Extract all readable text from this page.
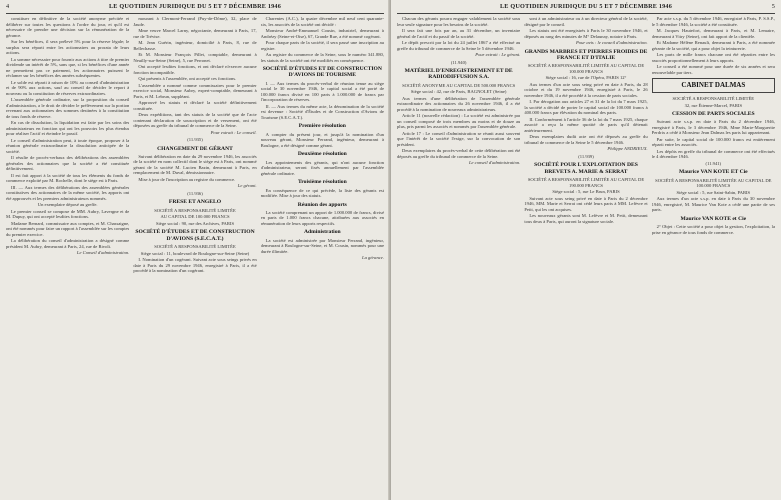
4	LE QUOTIDIEN JURIDIQUE DU 5 ET 7 DÉCEMBRE 1946
constituer en définitive de la société anonyme précitée et délibérer sur toutes les questions à l'ordre du jour, et qu'il est nécessaire de prendre une décision sur la rémunération de la gérance.
Sur les bénéfices, il sera prélevé 5% pour la réserve légale; le surplus sera réparti entre les actionnaires au prorata de leurs actions.
La somme nécessaire pour fournir aux actions à titre de premier dividende un intérêt de 5%, sans que, si les bénéfices d'une année ne permettent pas ce paiement, les actionnaires puissent le réclamer sur les bénéfices des années subséquentes.
Le solde est réparti à raison de 10% au conseil d'administration et de 90% aux actions, sauf au conseil de décider le report à nouveau ou la constitution de réserves extraordinaires.
L'assemblée générale ordinaire, sur la proposition du conseil d'administration, a le droit de décider le prélèvement sur la portion revenant aux actionnaires des sommes destinées à la constitution de tous fonds de réserve.
En cas de dissolution, la liquidation est faite par les soins des administrateurs en fonction qui ont les pouvoirs les plus étendus pour réaliser l'actif et éteindre le passif.
Le conseil d'administration peut, à toute époque, proposer à la réunion générale extraordinaire la dissolution anticipée de la société.
Il résulte de procès-verbaux des délibérations des assemblées générales des actionnaires que la société a été constituée définitivement.
Il est fait apport à la société de tous les éléments du fonds de commerce exploité par M. Rochelle, dont le siège est à Paris.
III. — Aux termes des délibérations des assemblées générales constitutives des actionnaires de la même société, les apports ont été approuvés et les premiers administrateurs nommés.
Un exemplaire déposé au greffe.
Le premier conseil se compose de MM. Aubry, Lavergne et de M. Dupuy, qui ont accepté lesdites fonctions.
Madame Bernard, commissaire aux comptes, et M. Chassaigne, ont été nommés pour faire un rapport à l'assemblée sur les comptes du premier exercice.
La délibération du conseil d'administration a désigné comme président M. Aubry, demeurant à Paris, 24, rue de Rivoli.
Le Conseil d'administration.
mourant à Clermont-Ferrand (Puy-de-Dôme), 32, place de Jaude.
Mme veuve Marcel Larny, négociante, demeurant à Paris, 17, rue de Trévise.
M. Jean Guérin, ingénieur, domicilié à Paris, 8, rue de Bellechasse.
Et M. Monsieur François Pillet, comptable, demeurant à Neuilly-sur-Seine (Seine), 5, rue Perronet.
Ont accepté lesdites fonctions, et ont déclaré n'exercer aucune fonction incompatible.
Qui présents à l'assemblée, ont accepté ces fonctions.
L'assemblée a nommé comme commissaires pour le premier exercice social, Monsieur Aubry, expert-comptable, demeurant à Paris, et M. Lebrun, suppléant.
Approuvé les statuts et déclaré la société définitivement constituée.
Deux expéditions, tant des statuts de la société que de l'acte contenant déclaration de souscription et de versement, ont été déposées au greffe du tribunal de commerce de la Seine.
Pour extrait : Le conseil.
(11.935)
CHANGEMENT DE GÉRANT
Suivant délibération en date du 29 novembre 1946, les associés de la société en nom collectif dont le siège est à Paris, ont nommé gérant de la société M. Lucien Bazin, demeurant à Paris, en remplacement de M. Duval, démissionnaire.
Mise à jour de l'inscription au registre du commerce.
Le gérant.
(11.936)
FRESE ET ANGELO
SOCIÉTÉ A RESPONSABILITÉ LIMITÉE
AU CAPITAL DE 100.000 FRANCS
Siège social : 90, rue des Archives, PARIS
SOCIÉTÉ D'ÉTUDES ET DE CONSTRUCTION D'AVIONS (S.E.C.A.T.)
SOCIÉTÉ A RESPONSABILITÉ LIMITÉE
Siège social : 11, boulevard de Boulogne-sur-Seine (Seine)
I. Nomination d'un cogérant. Suivant acte sous seings privés en date à Paris du 29 novembre 1946, enregistré à Paris, il a été procédé à la nomination d'un cogérant.
Charentes (A.C.), la quatre décembre mil neuf cent quarante-six, les associés de la société ont décidé :
Monsieur André-Emmanuel Cousin, industriel, demeurant à Andrézy (Seine-et-Oise), 67, Grande Rue, a été nommé cogérant.
Pour chaque parts de la société, il sera passé une inscription au registre.
Au registre du commerce de la Seine, sous le numéro 341.880, les statuts de la société ont été modifiés en conséquence.
SOCIÉTÉ D'ÉTUDES ET DE CONSTRUCTION D'AVIONS DE TOURISME
I. — Aux termes du procès-verbal de réunion tenue au siège social le 30 novembre 1946, le capital social a été porté de 100.000 francs divisé en 100 parts à 1.000.000 de francs par l'incorporation de réserves.
II. — Aux termes du même acte, la dénomination de la société est devenue : Société d'Études et de Construction d'Avions de Tourisme (S.E.C.A.T.).
Première résolution
A compter du présent jour, et jusqu'à la nomination d'un nouveau gérant, Monsieur Ferrand, ingénieur, demeurant à Boulogne, a été désigné comme gérant.
Deuxième résolution
Les appointements des gérants, qui n'ont aucune fonction d'administrateur, seront fixés annuellement par l'assemblée générale ordinaire.
Troisième résolution
En conséquence de ce qui précède, la liste des gérants est modifiée. Mise à jour des statuts.
Réunion des apports
La société comprenant un apport de 1.000.000 de francs, divisé en parts de 1.000 francs chacune, attribuées aux associés en rémunération de leurs apports respectifs.
Administration
La société est administrée par Monsieur Ferrand, ingénieur, demeurant à Boulogne-sur-Seine, et M. Cousin, nommés pour une durée illimitée.
La gérance.
LE QUOTIDIEN JURIDIQUE DU 5 ET 7 DÉCEMBRE 1946	5
Chacun des gérants pourra engager valablement la société sous leur seule signature pour les besoins de la société.
Il sera fait une fois par an, au 31 décembre, un inventaire général de l'actif et du passif de la société.
Le dépôt prescrit par la loi du 24 juillet 1867 a été effectué au greffe du tribunal de commerce de la Seine le 5 décembre 1946.
Pour extrait : Le gérant.
(11.940)
MATÉRIEL D'ENREGISTREMENT ET DE RADIODIFFUSION S.A.
SOCIÉTÉ ANONYME AU CAPITAL DE 500.000 FRANCS
Siège social : 42, rue de Paris, BAGNOLET (Seine)
Aux termes d'une délibération de l'assemblée générale extraordinaire des actionnaires du 26 novembre 1946, il a été procédé à la nomination de nouveaux administrateurs.
Article 11 (nouvelle rédaction) : La société est administrée par un conseil composé de trois membres au moins et de douze au plus, pris parmi les associés et nommés par l'assemblée générale.
Article 17 : Le conseil d'administration se réunit aussi souvent que l'intérêt de la société l'exige, sur la convocation de son président.
Deux exemplaires du procès-verbal de cette délibération ont été déposés au greffe du tribunal de commerce de la Seine.
Le conseil d'administration.
sont à un administrateur ou à un directeur général de la société, désigné par le conseil.
Les statuts ont été enregistrés à Paris le 30 novembre 1946, et déposés au rang des minutes de M° Delaunay, notaire à Paris.
Pour avis : le conseil d'administration.
GRANDS MARBRES ET PIERRES FROIDES DE FRANCE ET D'ITALIE
SOCIÉTÉ A RESPONSABILITÉ LIMITÉE AU CAPITAL DE 100.000 FRANCS
Siège social : 16, rue de l'Opéra, PARIS 12°
Aux termes d'un acte sous seing privé en date à Paris, du 28 octobre et du 19 novembre 1946, enregistré à Paris, le 26 novembre 1946, il a été procédé à la cession de parts sociales.
I. Par dérogation aux articles 27 et 31 de la loi du 7 mars 1925, la société a décidé de porter le capital social de 100.000 francs à 400.000 francs par élévation du nominal des parts.
II. Conformément à l'article 36 de la loi du 7 mars 1925, chaque associé a reçu la même quotité de parts qu'il détenait antérieurement.
Deux exemplaires dudit acte ont été déposés au greffe du tribunal de commerce de la Seine le 5 décembre 1946.
Philippe ANDRIEUX.
(11.939)
SOCIÉTÉ POUR L'EXPLOITATION DES BREVETS A. MARIE & SERRAT
SOCIÉTÉ A RESPONSABILITÉ LIMITÉE AU CAPITAL DE 190.000 FRANCS
Siège social : 5, rue Le Brun, PARIS
Suivant acte sous seing privé en date à Paris du 2 décembre 1946, MM. Marie et Serrat ont cédé leurs parts à MM. Lefèvre et Petit, qui les ont acquises.
Les nouveaux gérants sont M. Lefèvre et M. Petit, demeurant tous deux à Paris, qui auront la signature sociale.
Par acte s.s.p. du 5 décembre 1946, enregistré à Paris, P. S.S.P., le 5 décembre 1946, la société a été constituée.
M. Jacques Hautefort, demeurant à Paris, et M. Lemaire, demeurant à Vitry (Seine), ont fait apport de la clientèle.
Et Madame Hélène Renault, demeurant à Paris, a été nommée gérante de la société, qui a pour objet la teinturerie.
Les parts de mille francs chacune ont été réparties entre les associés proportionnellement à leurs apports.
Le conseil a été nommé pour une durée de six années et sera renouvelable par tiers.
CABINET DALMAS
SOCIÉTÉ A RESPONSABILITÉ LIMITÉE
32, rue Étienne-Marcel, PARIS
CESSION DE PARTS SOCIALES
Suivant acte s.s.p. en date à Paris du 2 décembre 1946, enregistré à Paris, le 3 décembre 1946, Mme Marie-Marguerite Perdrix a cédé à Monsieur Jean Dalmas les parts lui appartenant.
Par suite, le capital social de 100.000 francs est entièrement réparti entre les associés.
Les dépôts en greffe du tribunal de commerce ont été effectués le 4 décembre 1946.
(11.941)
Maurice VAN KOTE ET Cie
SOCIÉTÉ A RESPONSABILITÉ LIMITÉE AU CAPITAL DE 100.000 FRANCS
Siège social : 5, rue Saint-Sabin, PARIS
Aux termes d'un acte s.s.p. en date à Paris du 30 novembre 1946, enregistré, M. Maurice Van Kote a cédé une partie de ses parts.
Maurice VAN KOTE et Cie
2° Objet : Cette société a pour objet la gestion, l'exploitation, la prise en gérance de tous fonds de commerce.
